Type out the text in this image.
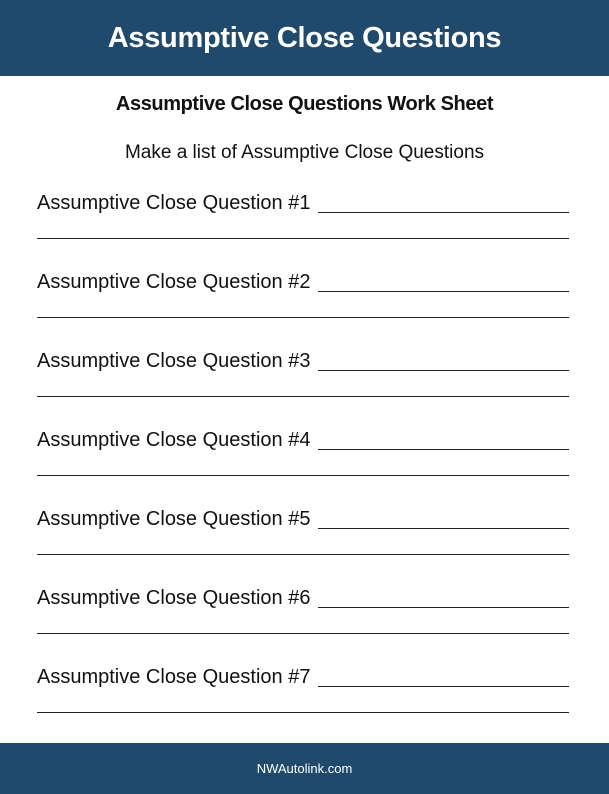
Assumptive Close Questions
Assumptive Close Questions Work Sheet
Make a list of Assumptive Close Questions
Assumptive Close Question #1
Assumptive Close Question #2
Assumptive Close Question #3
Assumptive Close Question #4
Assumptive Close Question #5
Assumptive Close Question #6
Assumptive Close Question #7
NWAutolink.com
